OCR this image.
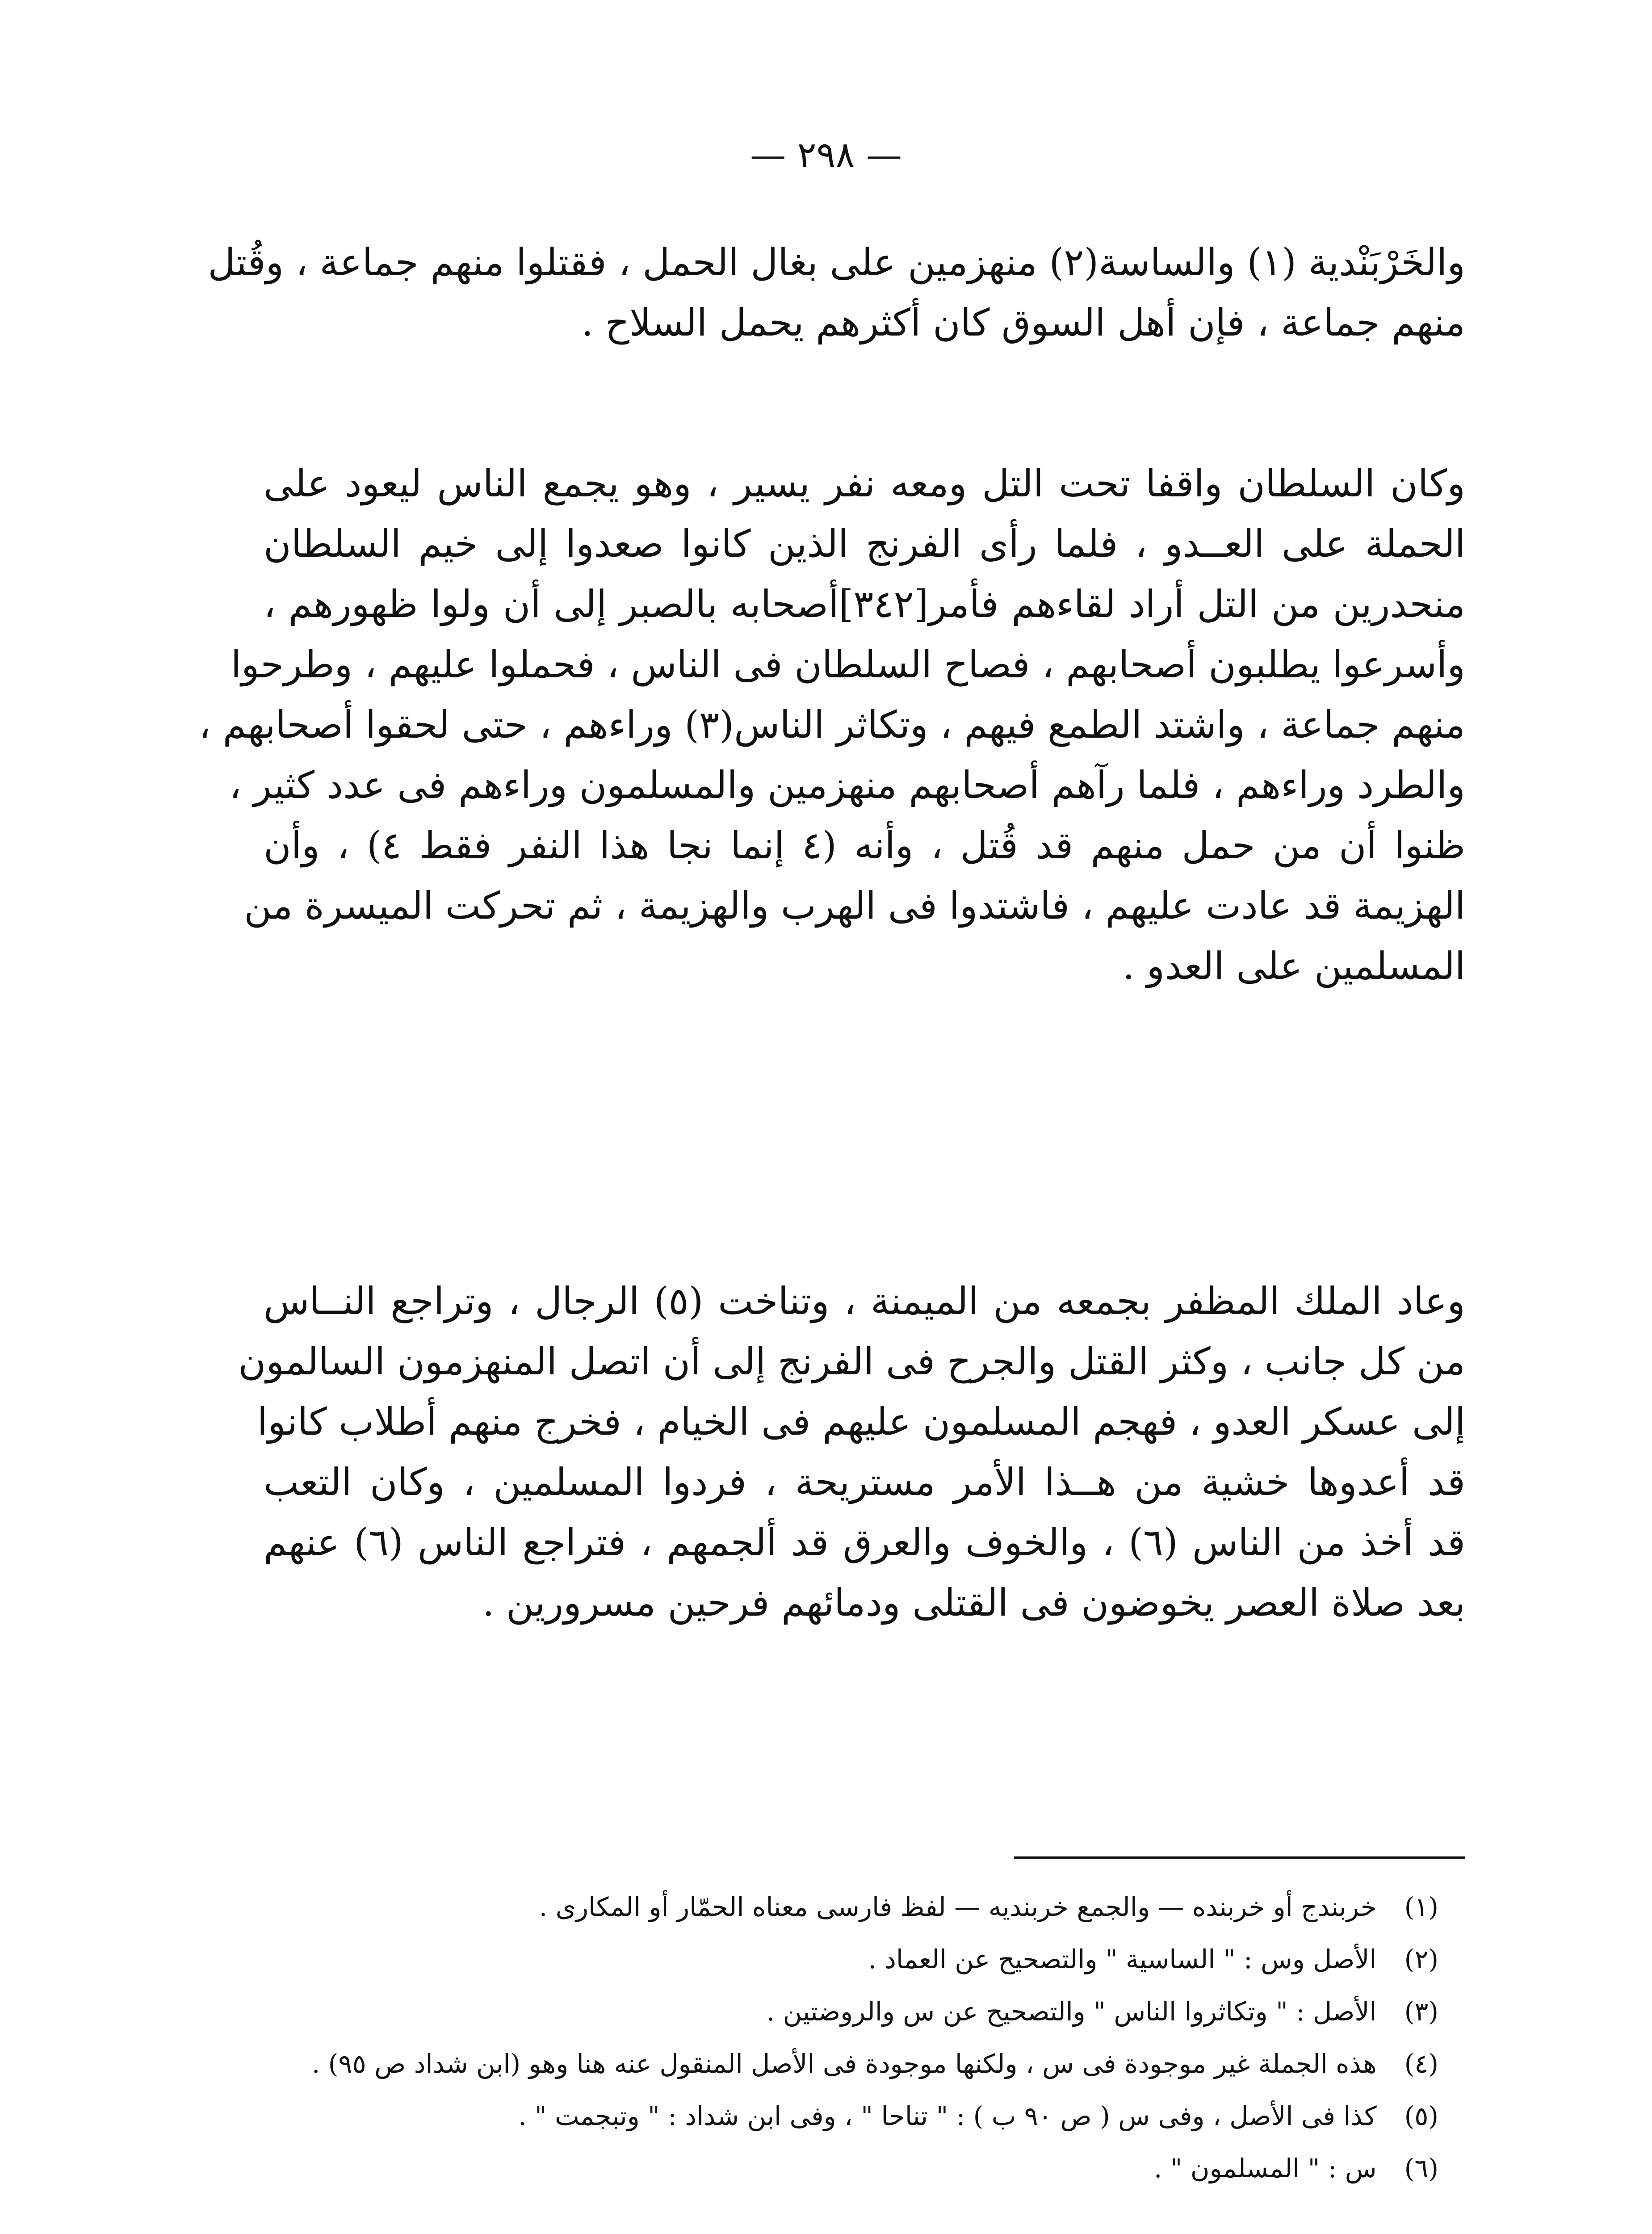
— ٢٩٨ —
والخَرْبَنْدية (١) والساسة(٢) منهزمين على بغال الحمل ، فقتلوا منهم جماعة ، وقُتل
منهم جماعة ، فإن أهل السوق كان أكثرهم يحمل السلاح .
وكان السلطان واقفا تحت التل ومعه نفر يسير ، وهو يجمع الناس ليعود على
الحملة على العــدو ، فلما رأى الفرنج الذين كانوا صعدوا إلى خيم السلطان
منحدرين من التل أراد لقاءهم فأمر[٣٤٢]أصحابه بالصبر إلى أن ولوا ظهورهم ،
وأسرعوا يطلبون أصحابهم ، فصاح السلطان فى الناس ، فحملوا عليهم ، وطرحوا
منهم جماعة ، واشتد الطمع فيهم ، وتكاثر الناس(٣) وراءهم ، حتى لحقوا أصحابهم ،
والطرد وراءهم ، فلما رآهم أصحابهم منهزمين والمسلمون وراءهم فى عدد كثير ،
ظنوا أن من حمل منهم قد قُتل ، وأنه (٤ إنما نجا هذا النفر فقط ٤) ، وأن
الهزيمة قد عادت عليهم ، فاشتدوا فى الهرب والهزيمة ، ثم تحركت الميسرة من
المسلمين على العدو .
وعاد الملك المظفر بجمعه من الميمنة ، وتناخت (٥) الرجال ، وتراجع النــاس
من كل جانب ، وكثر القتل والجرح فى الفرنج إلى أن اتصل المنهزمون السالمون
إلى عسكر العدو ، فهجم المسلمون عليهم فى الخيام ، فخرج منهم أطلاب كانوا
قد أعدوها خشية من هــذا الأمر مستريحة ، فردوا المسلمين ، وكان التعب
قد أخذ من الناس (٦) ، والخوف والعرق قد ألجمهم ، فتراجع الناس (٦) عنهم
بعد صلاة العصر يخوضون فى القتلى ودمائهم فرحين مسرورين .
(١) خربندج أو خربنده — والجمع خربنديه — لفظ فارسى معناه الحمّار أو المكارى .
(٢) الأصل وس : " الساسية " والتصحيح عن العماد .
(٣) الأصل : " وتكاثروا الناس " والتصحيح عن س والروضتين .
(٤) هذه الجملة غير موجودة فى س ، ولكنها موجودة فى الأصل المنقول عنه هنا وهو (ابن شداد ص ٩٥) .
(٥) كذا فى الأصل ، وفى س ( ص ٩٠ ب ) : " تناحا " ، وفى ابن شداد : " وتبجمت " .
(٦) س : " المسلمون " .
